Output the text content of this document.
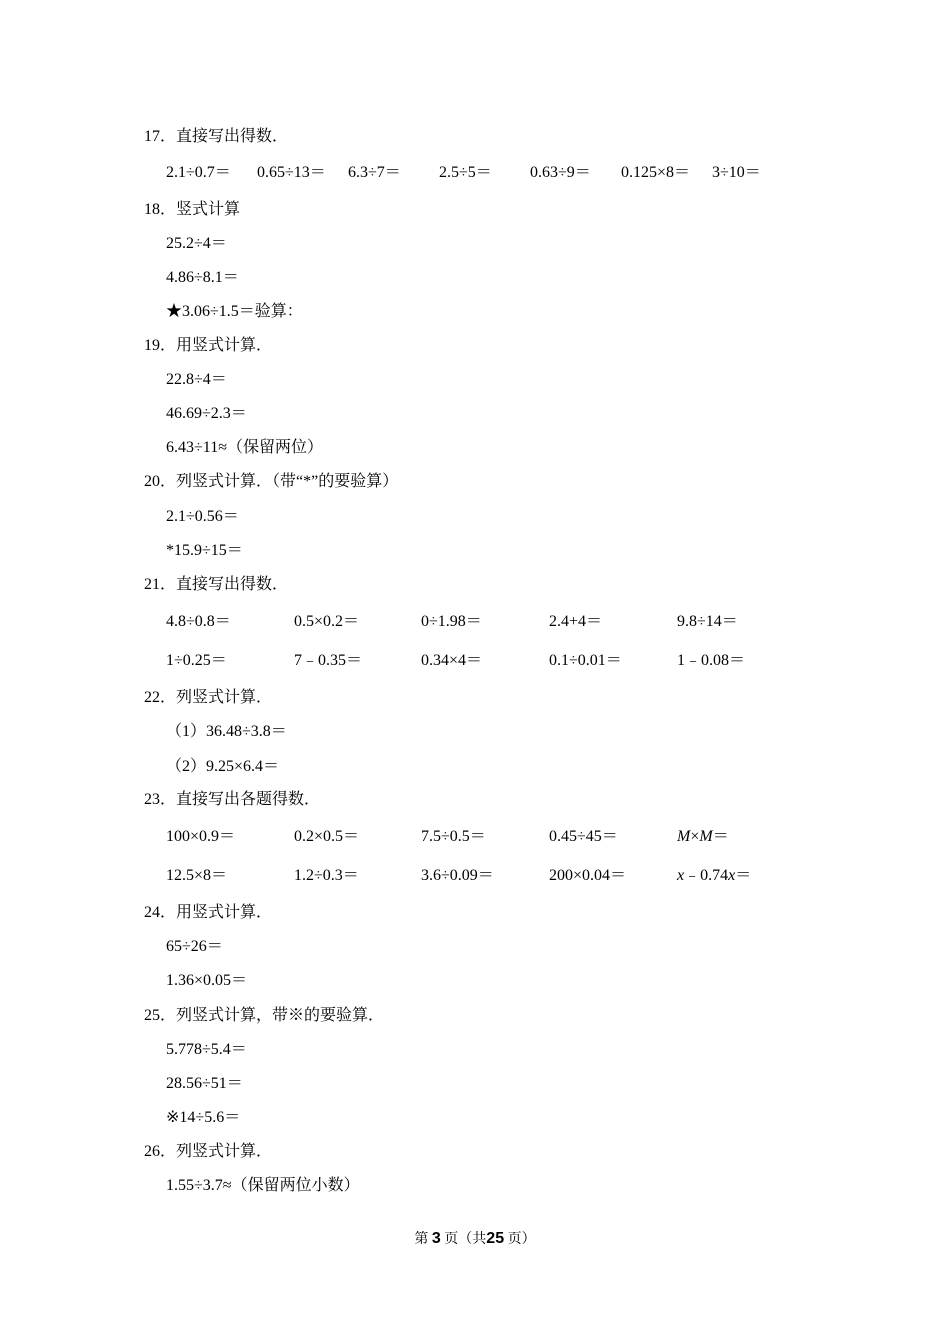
17．直接写出得数．
2.1÷0.7＝ 0.65÷13＝ 6.3÷7＝ 2.5÷5＝ 0.63÷9＝ 0.125×8＝ 3÷10＝
18．竖式计算
25.2÷4＝
4.86÷8.1＝
★3.06÷1.5＝验算：
19．用竖式计算．
22.8÷4＝
46.69÷2.3＝
6.43÷11≈（保留两位）
20．列竖式计算．（带“*”的要验算）
2.1÷0.56＝
*15.9÷15＝
21．直接写出得数．
4.8÷0.8＝	0.5×0.2＝	0÷1.98＝	2.4+4＝	9.8÷14＝
1÷0.25＝	7﹣0.35＝	0.34×4＝	0.1÷0.01＝	1﹣0.08＝
22．列竖式计算．
（1）36.48÷3.8＝
（2）9.25×6.4＝
23．直接写出各题得数．
100×0.9＝	0.2×0.5＝	7.5÷0.5＝	0.45÷45＝	M×M＝
12.5×8＝	1.2÷0.3＝	3.6÷0.09＝	200×0.04＝	x﹣0.74x＝
24．用竖式计算．
65÷26＝
1.36×0.05＝
25．列竖式计算，带※的要验算．
5.778÷5.4＝
28.56÷51＝
※14÷5.6＝
26．列竖式计算．
1.55÷3.7≈（保留两位小数）
第 3 页（共25 页）
